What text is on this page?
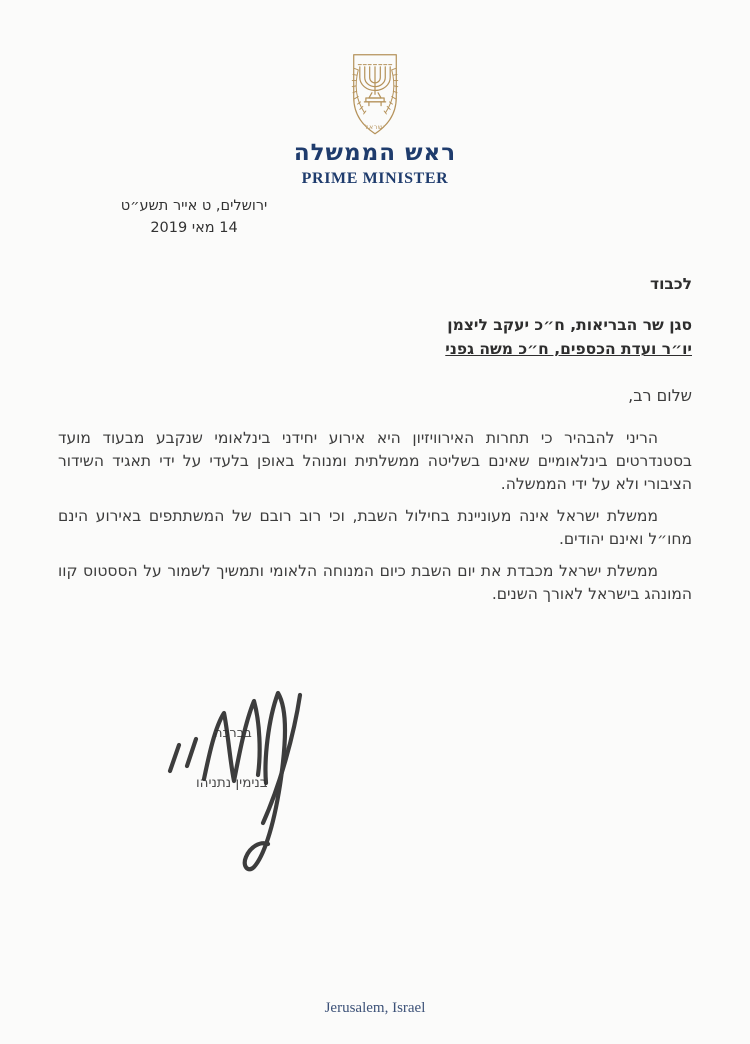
ישראל
ראש הממשלה
PRIME MINISTER
ירושלים, ט אייר תשע״ט
14 מאי 2019
לכבוד
סגן שר הבריאות, ח״כ יעקב ליצמן
יו״ר ועדת הכספים, ח״כ משה גפני
שלום רב,

הריני להבהיר כי תחרות האירוויזיון היא אירוע יחידני בינלאומי שנקבע מבעוד מועד בסטנדרטים בינלאומיים שאינם בשליטה ממשלתית ומנוהל באופן בלעדי על ידי תאגיד השידור הציבורי ולא על ידי הממשלה.

ממשלת ישראל אינה מעוניינת בחילול השבת, וכי רוב רובם של המשתתפים באירוע הינם מחו״ל ואינם יהודים.

ממשלת ישראל מכבדת את יום השבת כיום המנוחה הלאומי ותמשיך לשמור על הססטוס קוו המונהג בישראל לאורך השנים.

בברכה
בנימין נתניהו
Jerusalem, Israel
